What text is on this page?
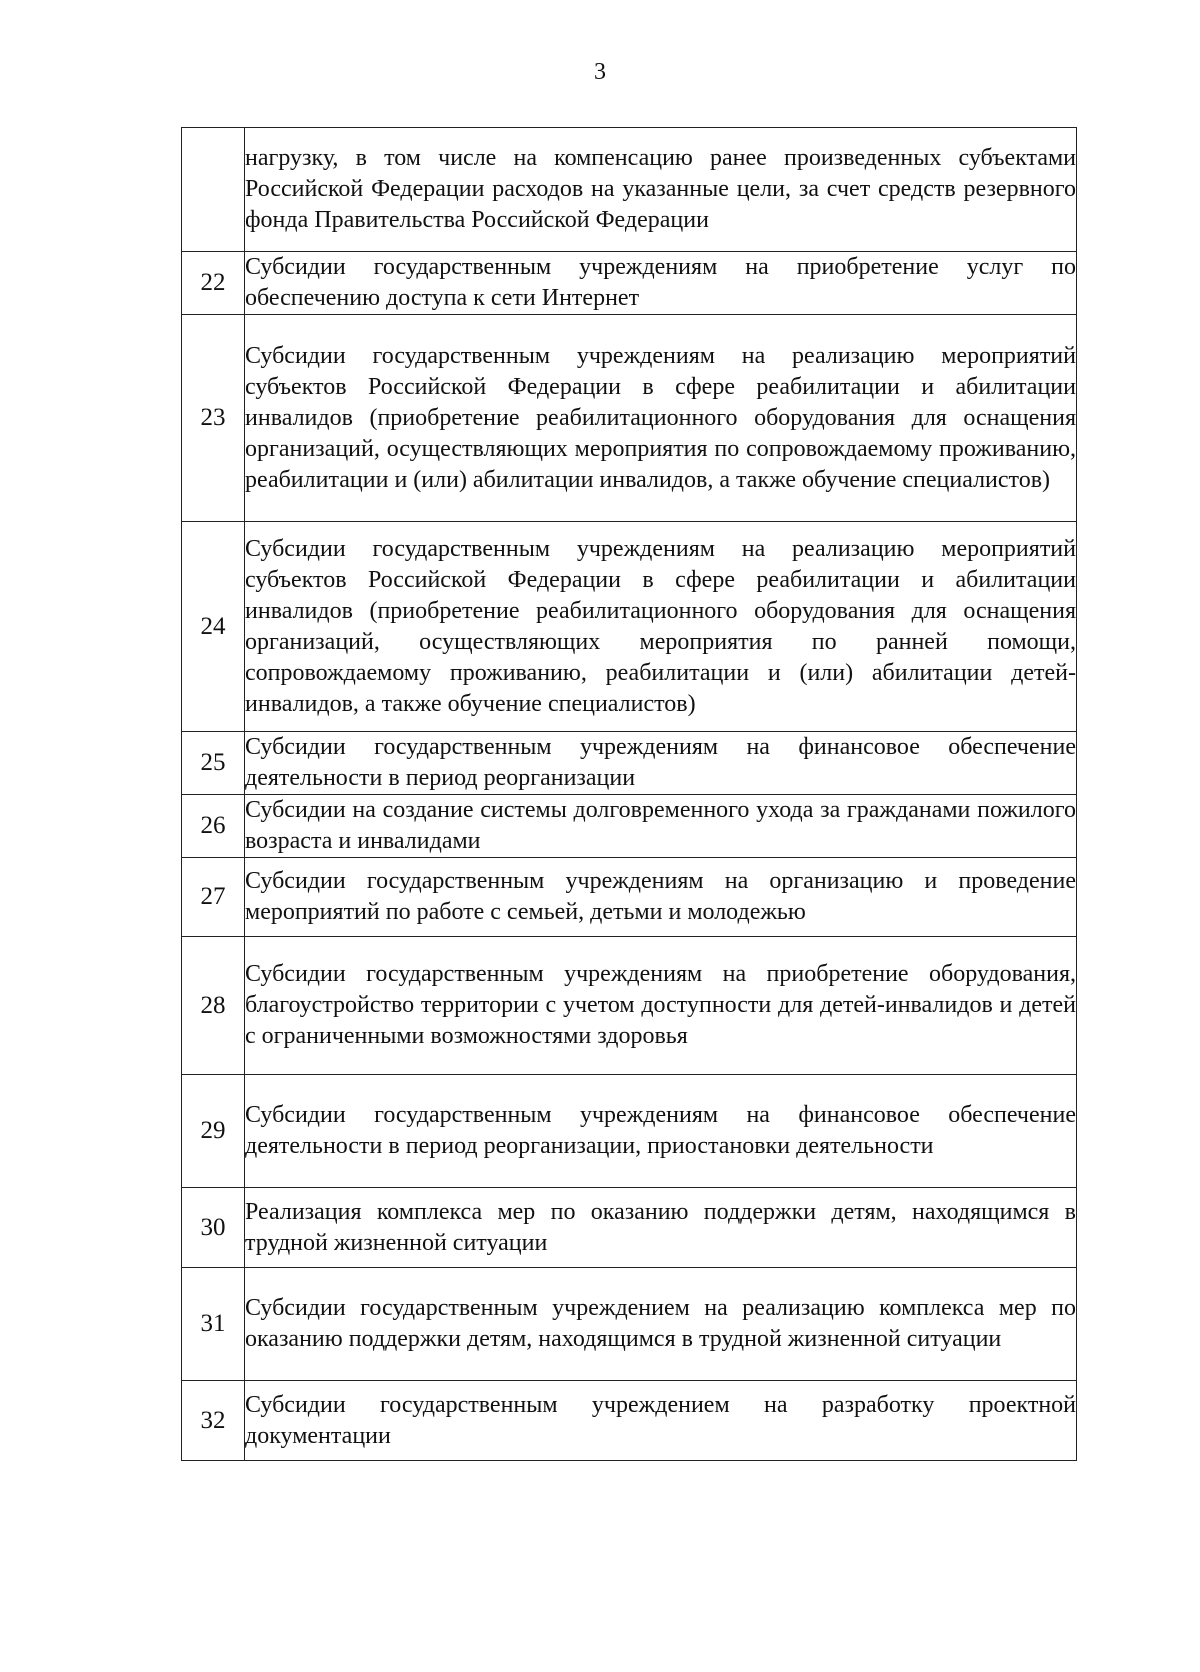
3
	нагрузку, в том числе на компенсацию ранее произведенных субъектами Российской Федерации расходов на указанные цели, за счет средств резервного фонда Правительства Российской Федерации
22	Субсидии государственным учреждениям на приобретение услуг по обеспечению доступа к сети Интернет
23	Субсидии государственным учреждениям на реализацию мероприятий субъектов Российской Федерации в сфере реабилитации и абилитации инвалидов (приобретение реабилитационного оборудования для оснащения организаций, осуществляющих мероприятия по сопровождаемому проживанию, реабилитации и (или) абилитации инвалидов, а также обучение специалистов)
24	Субсидии государственным учреждениям на реализацию мероприятий субъектов Российской Федерации в сфере реабилитации и абилитации инвалидов (приобретение реабилитационного оборудования для оснащения организаций, осуществляющих мероприятия по ранней помощи, сопровождаемому проживанию, реабилитации и (или) абилитации детей-инвалидов, а также обучение специалистов)
25	Субсидии государственным учреждениям на финансовое обеспечение деятельности в период реорганизации
26	Субсидии на создание системы долговременного ухода за гражданами пожилого возраста и инвалидами
27	Субсидии государственным учреждениям на организацию и проведение мероприятий по работе с семьей, детьми и молодежью
28	Субсидии государственным учреждениям на приобретение оборудования, благоустройство территории с учетом доступности для детей-инвалидов и детей с ограниченными возможностями здоровья
29	Субсидии государственным учреждениям на финансовое обеспечение деятельности в период реорганизации, приостановки деятельности
30	Реализация комплекса мер по оказанию поддержки детям, находящимся в трудной жизненной ситуации
31	Субсидии государственным учреждением на реализацию комплекса мер по оказанию поддержки детям, находящимся в трудной жизненной ситуации
32	Субсидии государственным учреждением на разработку проектной документации
